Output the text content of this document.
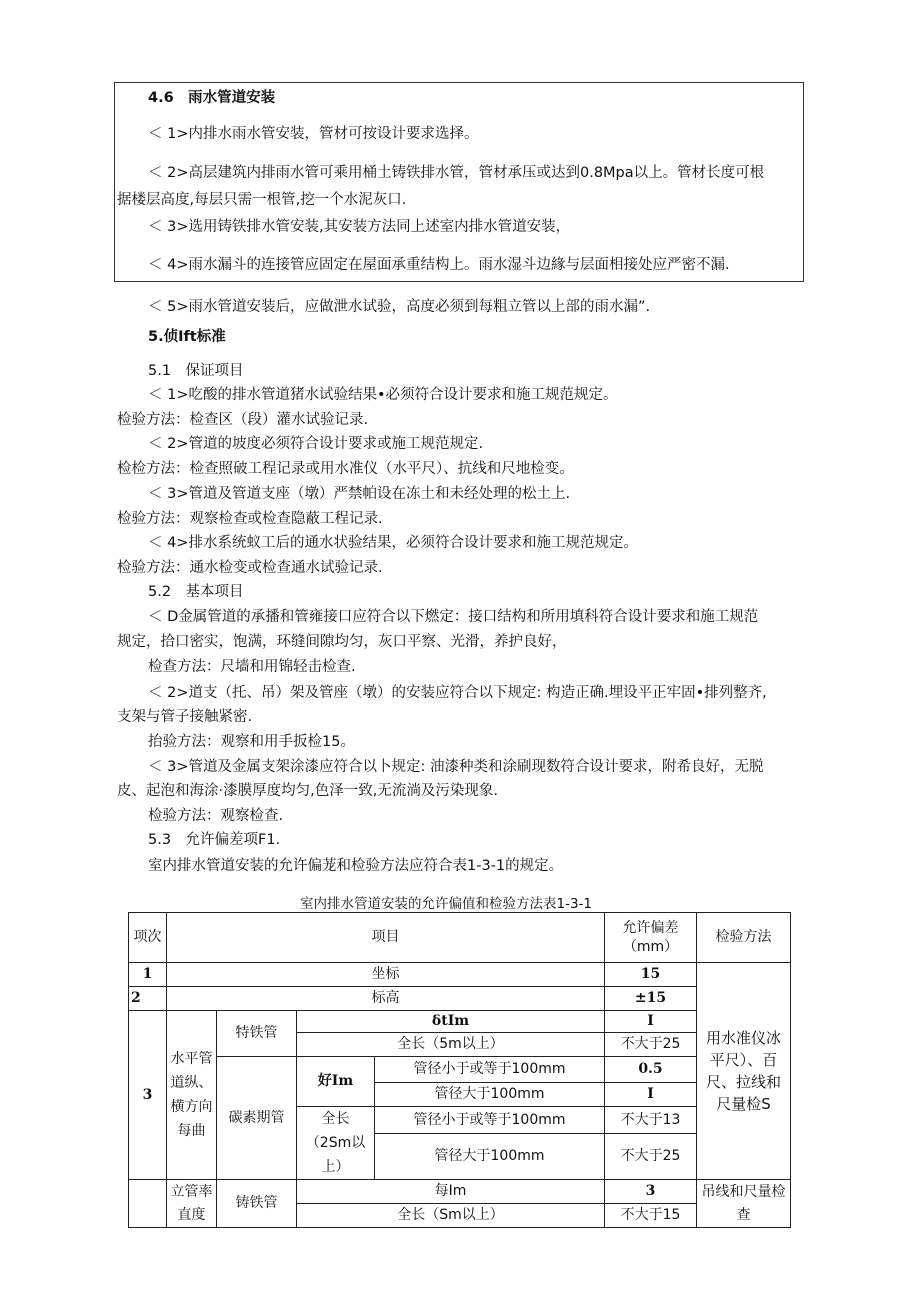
4.6　雨水管道安装
＜ 1>内排水雨水管安装，管材可按设计要求选择。
＜ 2>高层建筑内排雨水管可乘用桶土铸铁排水管，管材承压或达到0.8Mpa以上。管材长度可根
据楼层高度,每层只需一根管,挖一个水泥灰口.
＜ 3>选用铸铁排水管安装,其安装方法同上述室内排水管道安装，
＜ 4>雨水漏斗的连接管应固定在屋面承重结构上。雨水湿斗边緣与层面相接处应严密不漏.
＜ 5>雨水管道安装后，应做泄水试验，高度必须到每粗立管以上部的雨水漏”.
5.侦Ift标准
5.1　保证项目
＜ 1>吃酸的排水管道猪水试验结果•必须符合设计要求和施工规范规定。
检验方法：检查区（段）灌水试验记录.
＜ 2>管道的坡度必须符合设计要求或施工规范规定.
检检方法：检查照破工程记录或用水准仪（水平尺）、抗线和尺地检变。
＜ 3>管道及管道支座（墩）严禁帕设在冻土和未经处理的松土上.
检验方法：观察检查或检查隐蔽工程记录.
＜ 4>排水系统蚁工后的通水状验结果，必须符合设计要求和施工规范规定。
检验方法：通水检变或检查通水试验记录.
5.2　基本项目
＜ D金属管道的承播和管雍接口应符合以下燃定：接口结构和所用填科符合设计要求和施工规范
规定，拾口密实，饱满，环缝间隙均匀，灰口平察、光滑，养护良好，
检查方法：尺墙和用锦轻击检查.
＜ 2>道支（托、吊）架及管座（墩）的安装应符合以下规定: 构造正确.埋设平正牢固•排列整齐,
支架与管子接触紧密.
抬验方法：观察和用手扳检15。
＜ 3>管道及金属支架涂漆应符合以卜规定: 油漆种类和涂刷现数符合设计要求，附希良好，无脱
皮、起泡和海涂·漆膜厚度均匀,色泽一致,无流淌及污染现象.
检验方法：观察检查.
5.3　允许偏差项F1.
室内排水管道安装的允许偏茏和检验方法应符合表1-3-1的规定。
室内排水管道安装的允许偏值和检验方法表1-3-1
项次	项目				允许偏差（mm）	检验方法
1	坐标				15	用水准仪冰平尺）、百尺、拉线和尺量检S
2	标高				±15	
3	水平管道纵、横方向每曲	特铁管	δtIm		I	
			全长（5m以上）		不大于25	
		碳素期管	好Im	管径小于或等于100mm	0.5	
				管径大于100mm	I	
			全长（2Sm以上）	管径小于或等于100mm	不大于13	
				管径大于100mm	不大于25	
	立管率直度	铸铁管	每Im		3	吊线和尺量检查
			全长（Sm以上）		不大于15	
